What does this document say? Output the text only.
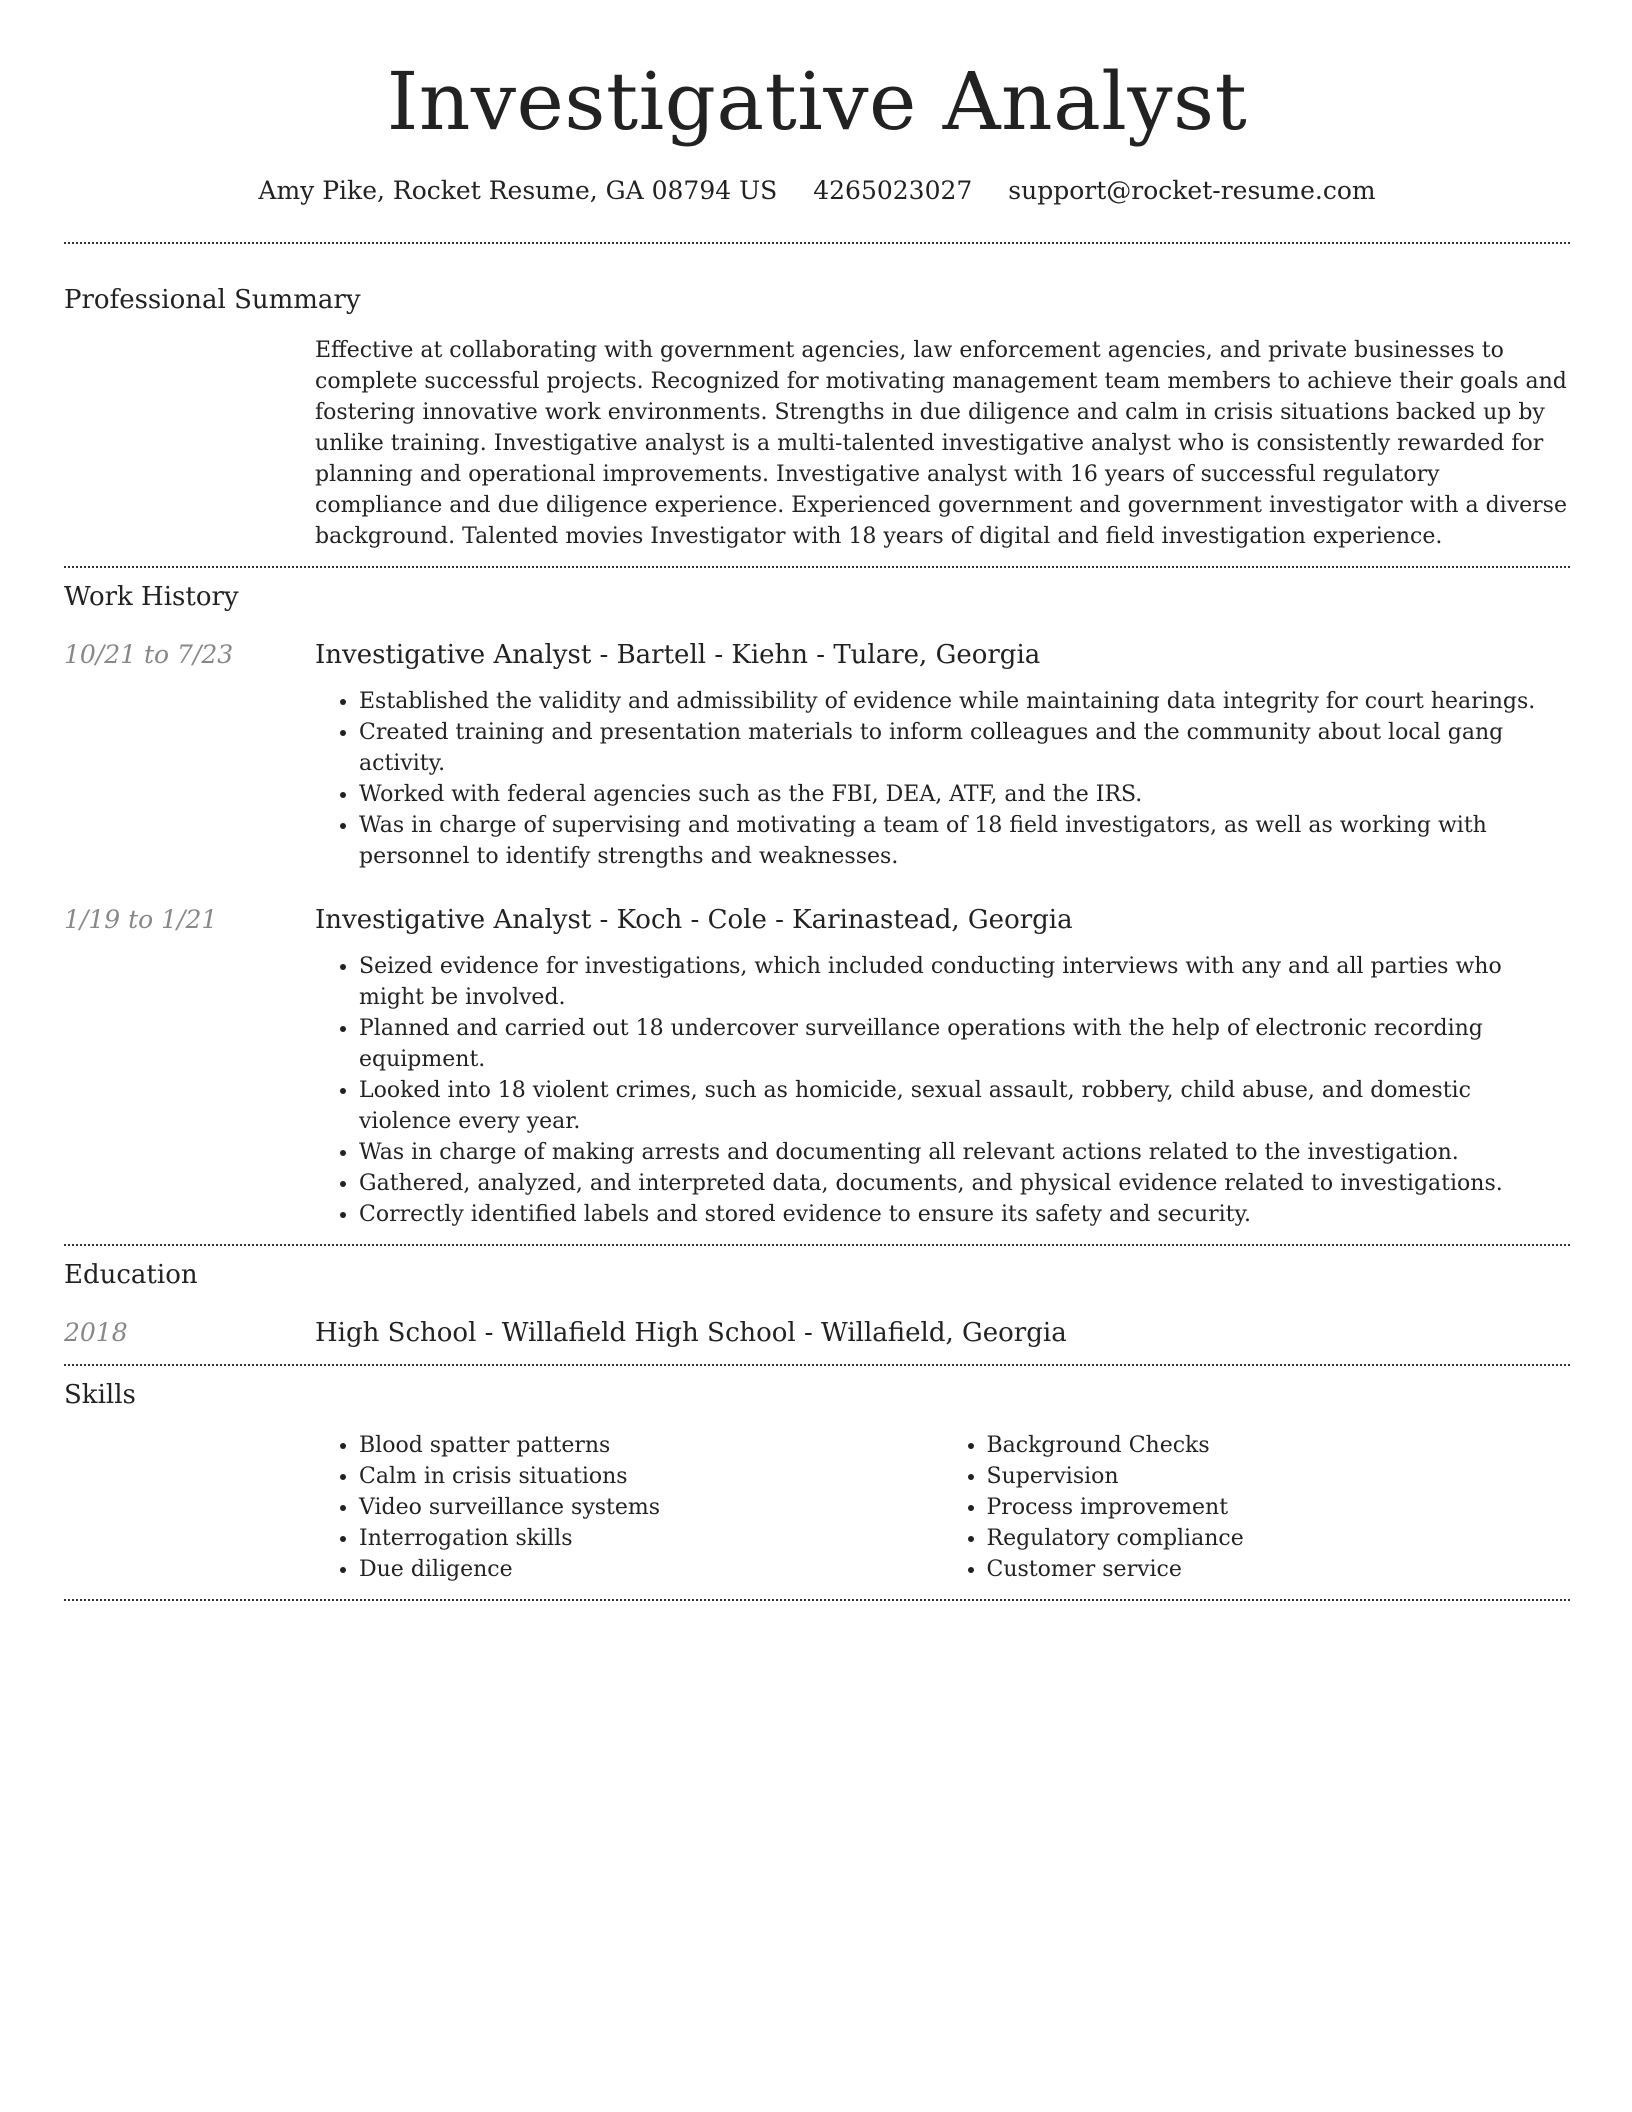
Investigative Analyst
Amy Pike, Rocket Resume, GA 08794 US 4265023027 support@rocket-resume.com
Professional Summary

Effective at collaborating with government agencies, law enforcement agencies, and private businesses to complete successful projects. Recognized for motivating management team members to achieve their goals and fostering innovative work environments. Strengths in due diligence and calm in crisis situations backed up by unlike training. Investigative analyst is a multi-talented investigative analyst who is consistently rewarded for planning and operational improvements. Investigative analyst with 16 years of successful regulatory compliance and due diligence experience. Experienced government and government investigator with a diverse background. Talented movies Investigator with 18 years of digital and field investigation experience.

Work History
10/21 to 7/23	Investigative Analyst - Bartell - Kiehn - Tulare, Georgia
• Established the validity and admissibility of evidence while maintaining data integrity for court hearings.
• Created training and presentation materials to inform colleagues and the community about local gang activity.
• Worked with federal agencies such as the FBI, DEA, ATF, and the IRS.
• Was in charge of supervising and motivating a team of 18 field investigators, as well as working with personnel to identify strengths and weaknesses.
1/19 to 1/21	Investigative Analyst - Koch - Cole - Karinastead, Georgia
• Seized evidence for investigations, which included conducting interviews with any and all parties who might be involved.
• Planned and carried out 18 undercover surveillance operations with the help of electronic recording equipment.
• Looked into 18 violent crimes, such as homicide, sexual assault, robbery, child abuse, and domestic violence every year.
• Was in charge of making arrests and documenting all relevant actions related to the investigation.
• Gathered, analyzed, and interpreted data, documents, and physical evidence related to investigations.
• Correctly identified labels and stored evidence to ensure its safety and security.
Education
2018	High School - Willafield High School - Willafield, Georgia
Skills
• Blood spatter patterns
• Calm in crisis situations
• Video surveillance systems
• Interrogation skills
• Due diligence
• Background Checks
• Supervision
• Process improvement
• Regulatory compliance
• Customer service
